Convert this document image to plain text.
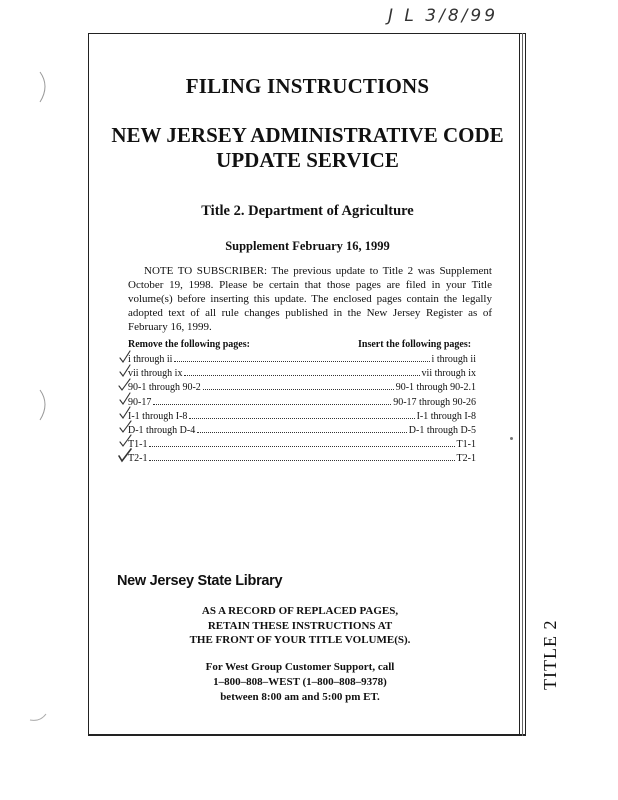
J L 3/8/99
FILING INSTRUCTIONS
NEW JERSEY ADMINISTRATIVE CODE
UPDATE SERVICE
Title 2. Department of Agriculture
Supplement February 16, 1999
NOTE TO SUBSCRIBER: The previous update to Title 2 was Supplement October 19, 1998. Please be certain that those pages are filed in your Title volume(s) before inserting this update. The enclosed pages contain the legally adopted text of all rule changes published in the New Jersey Register as of February 16, 1999.
Remove the following pages:	Insert the following pages:
i through ii	i through ii
vii through ix	vii through ix
90-1 through 90-2	90-1 through 90-2.1
90-17	90-17 through 90-26
I-1 through I-8	I-1 through I-8
D-1 through D-4	D-1 through D-5
T1-1	T1-1
T2-1	T2-1
New Jersey State Library
AS A RECORD OF REPLACED PAGES,
RETAIN THESE INSTRUCTIONS AT
THE FRONT OF YOUR TITLE VOLUME(S).
For West Group Customer Support, call
1–800–808–WEST (1–800–808–9378)
between 8:00 am and 5:00 pm ET.
TITLE 2
